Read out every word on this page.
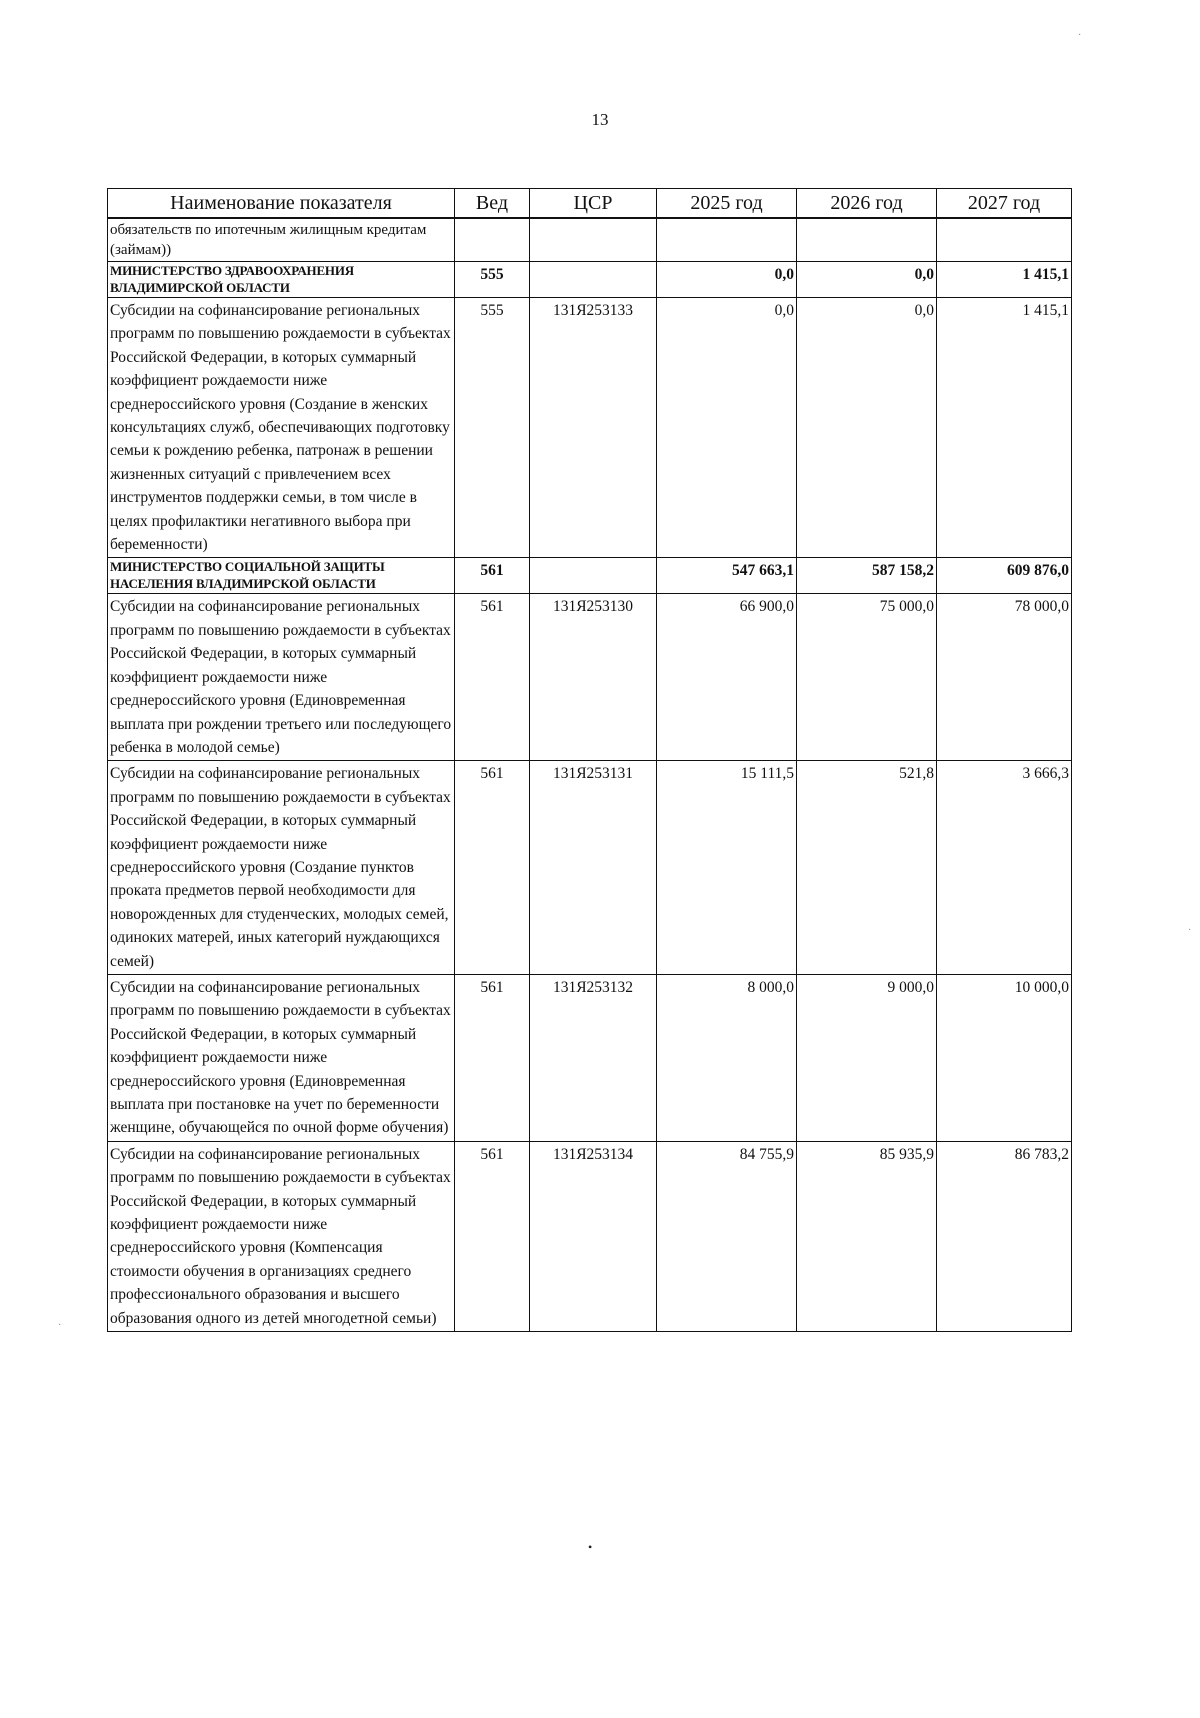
13
Наименование показателя	Вед	ЦСР	2025 год	2026 год	2027 год
обязательств по ипотечным жилищным кредитам (займам))					
МИНИСТЕРСТВО ЗДРАВООХРАНЕНИЯ ВЛАДИМИРСКОЙ ОБЛАСТИ	555		0,0	0,0	1 415,1
Субсидии на софинансирование региональных программ по повышению рождаемости в субъектах Российской Федерации, в которых суммарный коэффициент рождаемости ниже среднероссийского уровня (Создание в женских консультациях служб, обеспечивающих подготовку семьи к рождению ребенка, патронаж в решении жизненных ситуаций с привлечением всех инструментов поддержки семьи, в том числе в целях профилактики негативного выбора при беременности)	555	131Я253133	0,0	0,0	1 415,1
МИНИСТЕРСТВО СОЦИАЛЬНОЙ ЗАЩИТЫ НАСЕЛЕНИЯ ВЛАДИМИРСКОЙ ОБЛАСТИ	561		547 663,1	587 158,2	609 876,0
Субсидии на софинансирование региональных программ по повышению рождаемости в субъектах Российской Федерации, в которых суммарный коэффициент рождаемости ниже среднероссийского уровня (Единовременная выплата при рождении третьего или последующего ребенка в молодой семье)	561	131Я253130	66 900,0	75 000,0	78 000,0
Субсидии на софинансирование региональных программ по повышению рождаемости в субъектах Российской Федерации, в которых суммарный коэффициент рождаемости ниже среднероссийского уровня (Создание пунктов проката предметов первой необходимости для новорожденных для студенческих, молодых семей, одиноких матерей, иных категорий нуждающихся семей)	561	131Я253131	15 111,5	521,8	3 666,3
Субсидии на софинансирование региональных программ по повышению рождаемости в субъектах Российской Федерации, в которых суммарный коэффициент рождаемости ниже среднероссийского уровня (Единовременная выплата при постановке на учет по беременности женщине, обучающейся по очной форме обучения)	561	131Я253132	8 000,0	9 000,0	10 000,0
Субсидии на софинансирование региональных программ по повышению рождаемости в субъектах Российской Федерации, в которых суммарный коэффициент рождаемости ниже среднероссийского уровня (Компенсация стоимости обучения в организациях среднего профессионального образования и высшего образования одного из детей многодетной семьи)	561	131Я253134	84 755,9	85 935,9	86 783,2
·
·
·
•
